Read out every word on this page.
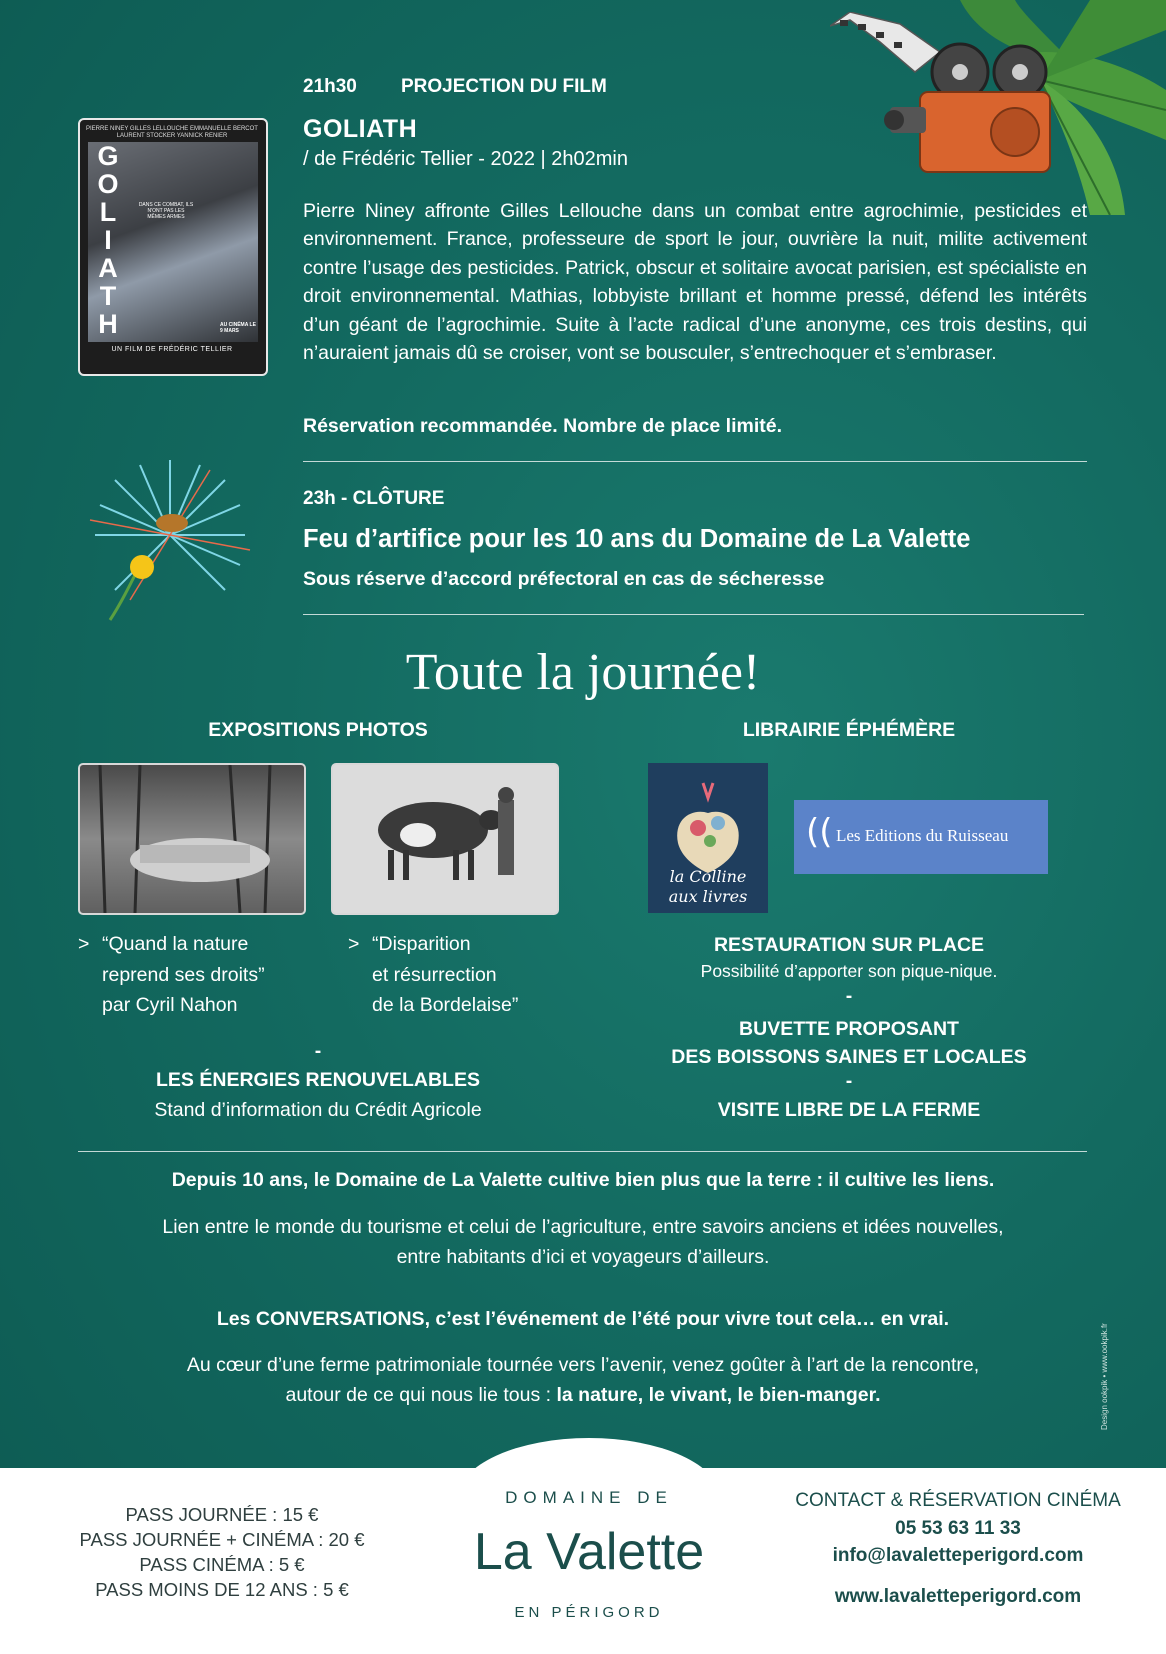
PIERRE NINEY GILLES LELLOUCHE EMMANUELLE BERCOT LAURENT STOCKER YANNICK RENIER
G
O
L
I
A
T
H
DANS CE COMBAT, ILS N'ONT PAS LES MÊMES ARMES
AU CINÉMA LE 9 MARS
UN FILM DE FRÉDÉRIC TELLIER
21h30 PROJECTION DU FILM
GOLIATH
/ de Frédéric Tellier - 2022 | 2h02min
Pierre Niney affronte Gilles Lellouche dans un combat entre agrochimie, pesticides et environnement. France, professeure de sport le jour, ouvrière la nuit, milite activement contre l’usage des pesticides. Patrick, obscur et solitaire avocat parisien, est spécialiste en droit environnemental. Mathias, lobbyiste brillant et homme pressé, défend les intérêts d’un géant de l’agrochimie. Suite à l’acte radical d’une anonyme, ces trois destins, qui n’auraient jamais dû se croiser, vont se bousculer, s’entrechoquer et s’embraser.
Réservation recommandée. Nombre de place limité.
23h - CLÔTURE
Feu d’artifice pour les 10 ans du Domaine de La Valette
Sous réserve d’accord préfectoral en cas de sécheresse
Toute la journée!
EXPOSITIONS PHOTOS	LIBRAIRIE ÉPHÉMÈRE
> “Quand la nature
reprend ses droits”
par Cyril Nahon
> “Disparition
et résurrection
de la Bordelaise”
-
LES ÉNERGIES RENOUVELABLES
Stand d’information du Crédit Agricole
la Colline
aux livres
(( Les Editions du Ruisseau
RESTAURATION SUR PLACE
Possibilité d’apporter son pique-nique.
-
BUVETTE PROPOSANT
DES BOISSONS SAINES ET LOCALES
-
VISITE LIBRE DE LA FERME
Depuis 10 ans, le Domaine de La Valette cultive bien plus que la terre : il cultive les liens.
Lien entre le monde du tourisme et celui de l’agriculture, entre savoirs anciens et idées nouvelles,
entre habitants d’ici et voyageurs d’ailleurs.
Les CONVERSATIONS, c’est l’événement de l’été pour vivre tout cela… en vrai.
Au cœur d’une ferme patrimoniale tournée vers l’avenir, venez goûter à l’art de la rencontre,
autour de ce qui nous lie tous : la nature, le vivant, le bien-manger.	Design ookpik • www.ookpik.fr
PASS JOURNÉE : 15 €
PASS JOURNÉE + CINÉMA : 20 €
PASS CINÉMA : 5 €
PASS MOINS DE 12 ANS : 5 €
DOMAINE DE
La Valette
EN PÉRIGORD
CONTACT & RÉSERVATION CINÉMA
05 53 63 11 33
info@lavaletteperigord.com
www.lavaletteperigord.com
